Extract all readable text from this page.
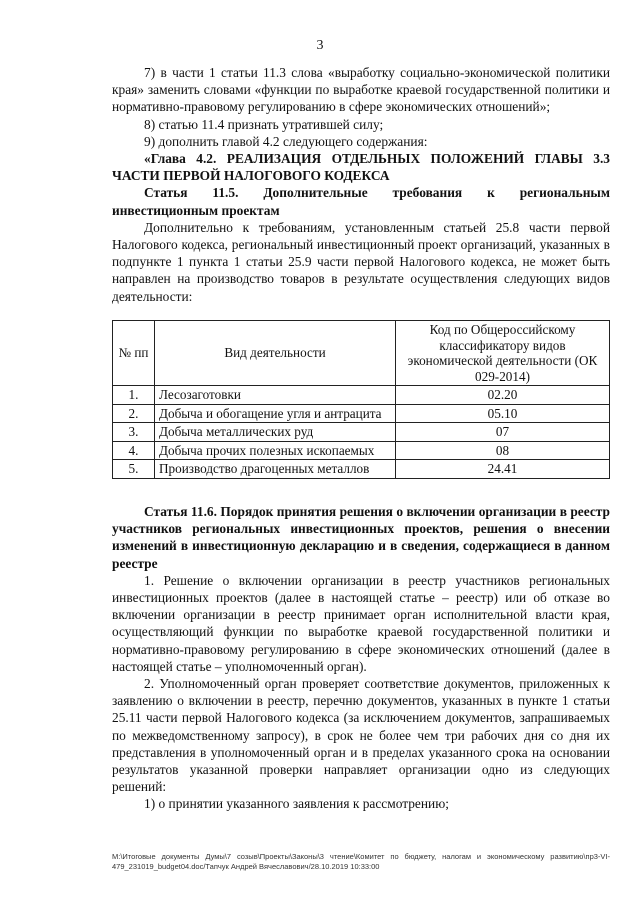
3

7) в части 1 статьи 11.3 слова «выработку социально-экономической политики края» заменить словами «функции по выработке краевой государственной политики и нормативно-правовому регулированию в сфере экономических отношений»;

8) статью 11.4 признать утратившей силу;

9) дополнить главой 4.2 следующего содержания:

«Глава 4.2. РЕАЛИЗАЦИЯ ОТДЕЛЬНЫХ ПОЛОЖЕНИЙ ГЛАВЫ 3.3 ЧАСТИ ПЕРВОЙ НАЛОГОВОГО КОДЕКСА

Статья 11.5. Дополнительные требования к региональным инвестиционным проектам

Дополнительно к требованиям, установленным статьей 25.8 части первой Налогового кодекса, региональный инвестиционный проект организаций, указанных в подпункте 1 пункта 1 статьи 25.9 части первой Налогового кодекса, не может быть направлен на производство товаров в результате осуществления следующих видов деятельности:

№ пп	Вид деятельности	Код по Общероссийскому классификатору видов экономической деятельности (ОК 029-2014)
1.	Лесозаготовки	02.20
2.	Добыча и обогащение угля и антрацита	05.10
3.	Добыча металлических руд	07
4.	Добыча прочих полезных ископаемых	08
5.	Производство драгоценных металлов	24.41

Статья 11.6. Порядок принятия решения о включении организации в реестр участников региональных инвестиционных проектов, решения о внесении изменений в инвестиционную декларацию и в сведения, содержащиеся в данном реестре

1. Решение о включении организации в реестр участников региональных инвестиционных проектов (далее в настоящей статье – реестр) или об отказе во включении организации в реестр принимает орган исполнительной власти края, осуществляющий функции по выработке краевой государственной политики и нормативно-правовому регулированию в сфере экономических отношений (далее в настоящей статье – уполномоченный орган).

2. Уполномоченный орган проверяет соответствие документов, приложенных к заявлению о включении в реестр, перечню документов, указанных в пункте 1 статьи 25.11 части первой Налогового кодекса (за исключением документов, запрашиваемых по межведомственному запросу), в срок не более чем три рабочих дня со дня их представления в уполномоченный орган и в пределах указанного срока на основании результатов указанной проверки направляет организации одно из следующих решений:

1) о принятии указанного заявления к рассмотрению;

M:\Итоговые документы Думы\7 созыв\Проекты\Законы\3 чтение\Комитет по бюджету, налогам и экономическому развитию\пр3-VI-479_231019_budget04.doc/Тапчук Андрей Вячеславович/28.10.2019 10:33:00
